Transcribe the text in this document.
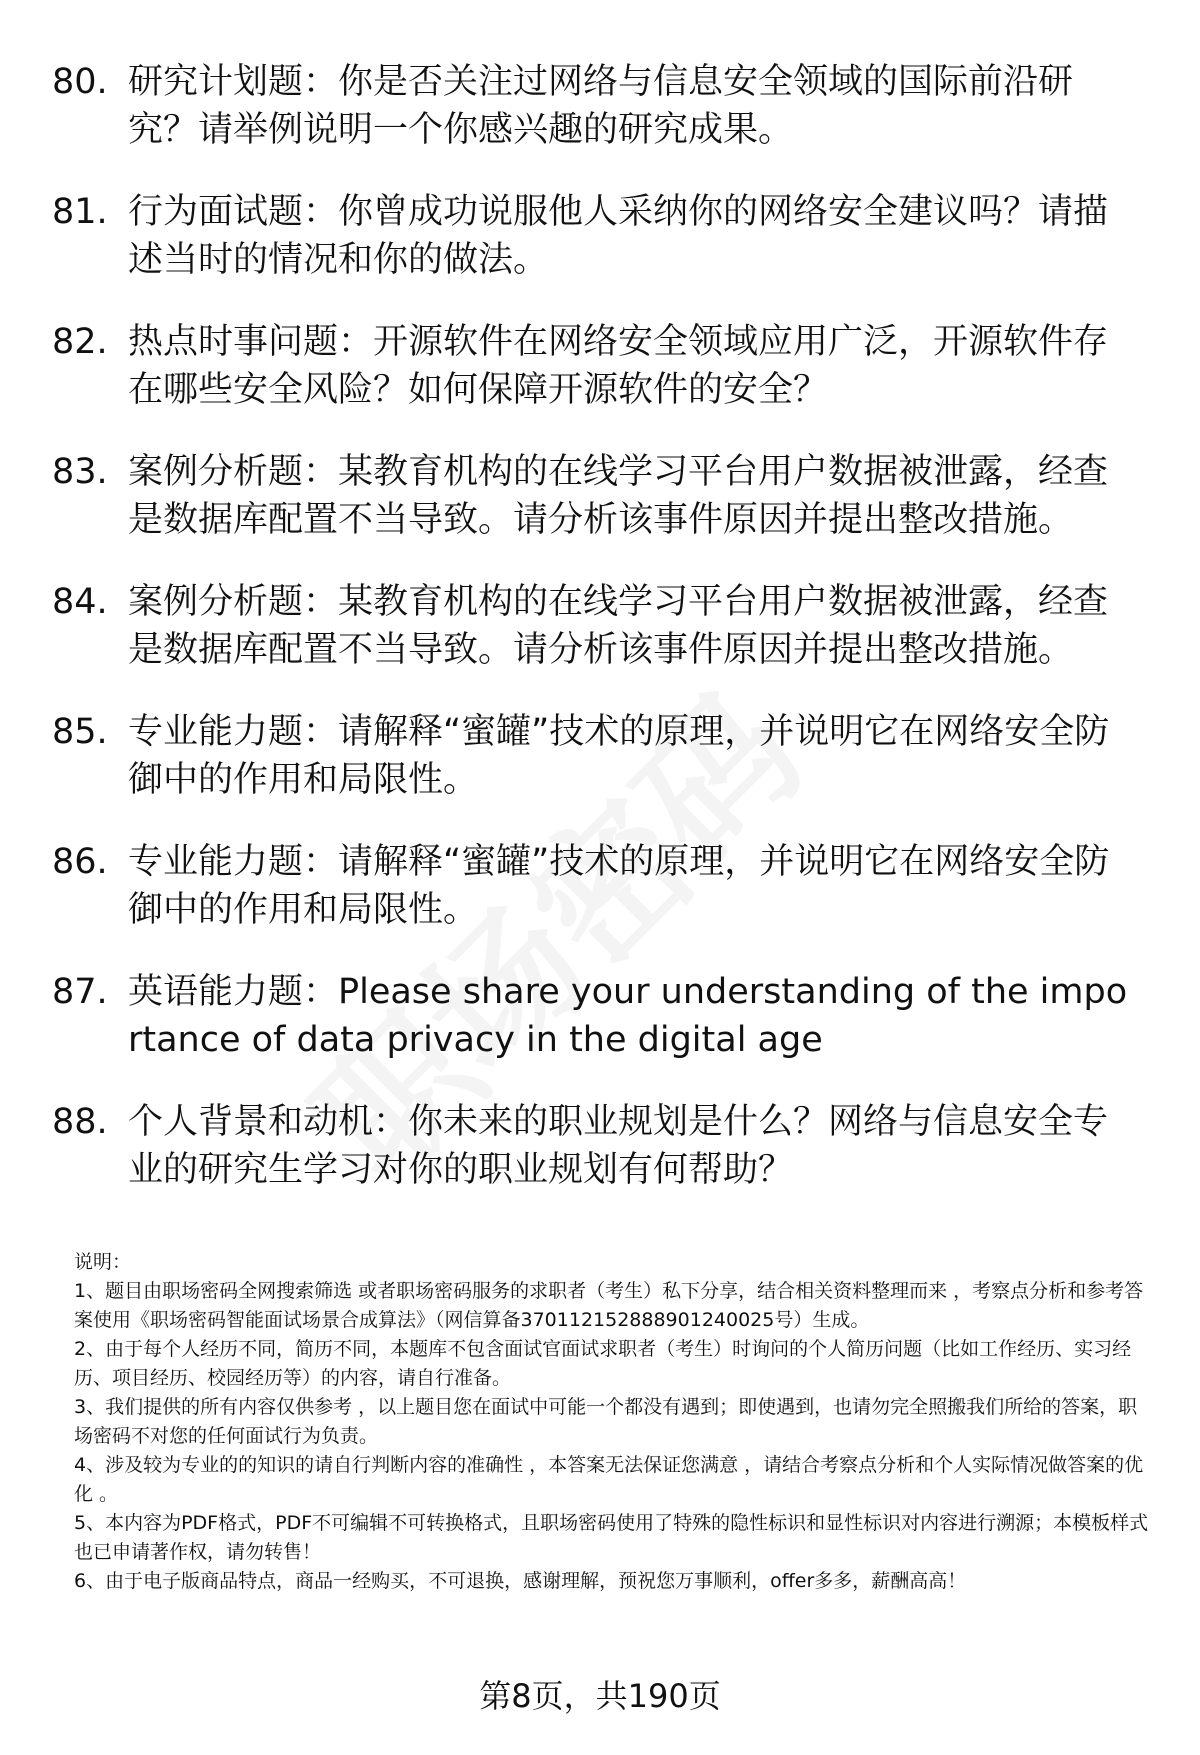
80. 研究计划题：你是否关注过网络与信息安全领域的国际前沿研究？请举例说明一个你感兴趣的研究成果。
81. 行为面试题：你曾成功说服他人采纳你的网络安全建议吗？请描述当时的情况和你的做法。
82. 热点时事问题：开源软件在网络安全领域应用广泛，开源软件存在哪些安全风险？如何保障开源软件的安全？
83. 案例分析题：某教育机构的在线学习平台用户数据被泄露，经查是数据库配置不当导致。请分析该事件原因并提出整改措施。
84. 案例分析题：某教育机构的在线学习平台用户数据被泄露，经查是数据库配置不当导致。请分析该事件原因并提出整改措施。
85. 专业能力题：请解释“蜜罐”技术的原理，并说明它在网络安全防御中的作用和局限性。
86. 专业能力题：请解释“蜜罐”技术的原理，并说明它在网络安全防御中的作用和局限性。
87. 英语能力题：Please share your understanding of the importance of data privacy in the digital age
88. 个人背景和动机：你未来的职业规划是什么？网络与信息安全专业的研究生学习对你的职业规划有何帮助？

说明：

1、题目由职场密码全网搜索筛选 或者职场密码服务的求职者（考生）私下分享，结合相关资料整理而来 ，考察点分析和参考答案使用《职场密码智能面试场景合成算法》（网信算备370112152888901240025号）生成。

2、由于每个人经历不同，简历不同，本题库不包含面试官面试求职者（考生）时询问的个人简历问题（比如工作经历、实习经历、项目经历、校园经历等）的内容，请自行准备。

3、我们提供的所有内容仅供参考 ，以上题目您在面试中可能一个都没有遇到；即使遇到，也请勿完全照搬我们所给的答案，职场密码不对您的任何面试行为负责。

4、涉及较为专业的的知识的请自行判断内容的准确性 ，本答案无法保证您满意 ，请结合考察点分析和个人实际情况做答案的优化 。

5、本内容为PDF格式，PDF不可编辑不可转换格式，且职场密码使用了特殊的隐性标识和显性标识对内容进行溯源；本模板样式也已申请著作权，请勿转售！

6、由于电子版商品特点，商品一经购买，不可退换，感谢理解，预祝您万事顺利，offer多多，薪酬高高！

第8页，共190页
